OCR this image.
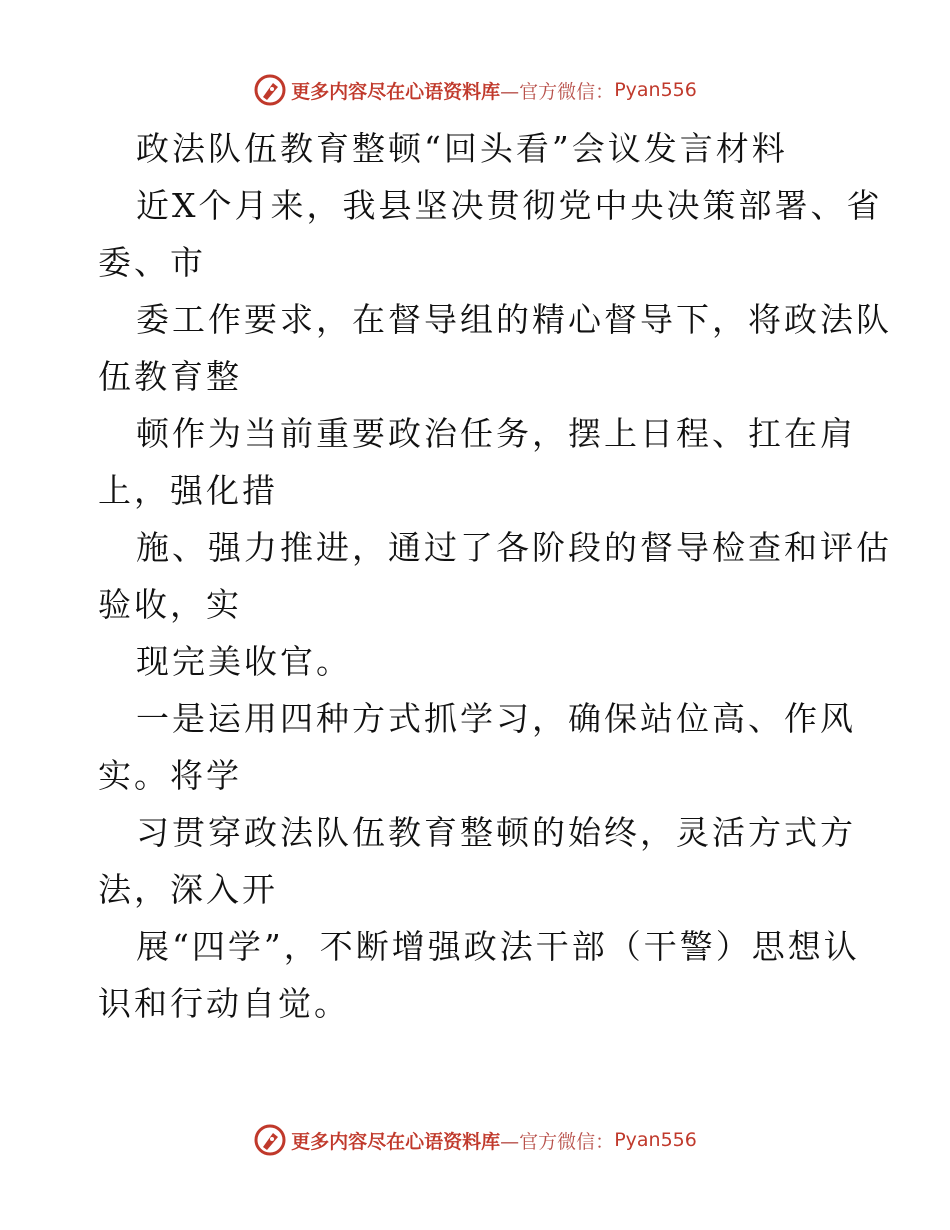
更多内容尽在心语资料库 —官方微信： Pyan556
政法队伍教育整顿“回头看”会议发言材料
近X个月来，我县坚决贯彻党中央决策部署、省
委、市
委工作要求，在督导组的精心督导下，将政法队
伍教育整
顿作为当前重要政治任务，摆上日程、扛在肩
上，强化措
施、强力推进，通过了各阶段的督导检查和评估
验收，实
现完美收官。
一是运用四种方式抓学习，确保站位高、作风
实。将学
习贯穿政法队伍教育整顿的始终，灵活方式方
法，深入开
展“四学”，不断增强政法干部（干警）思想认
识和行动自觉。
更多内容尽在心语资料库 —官方微信： Pyan556
